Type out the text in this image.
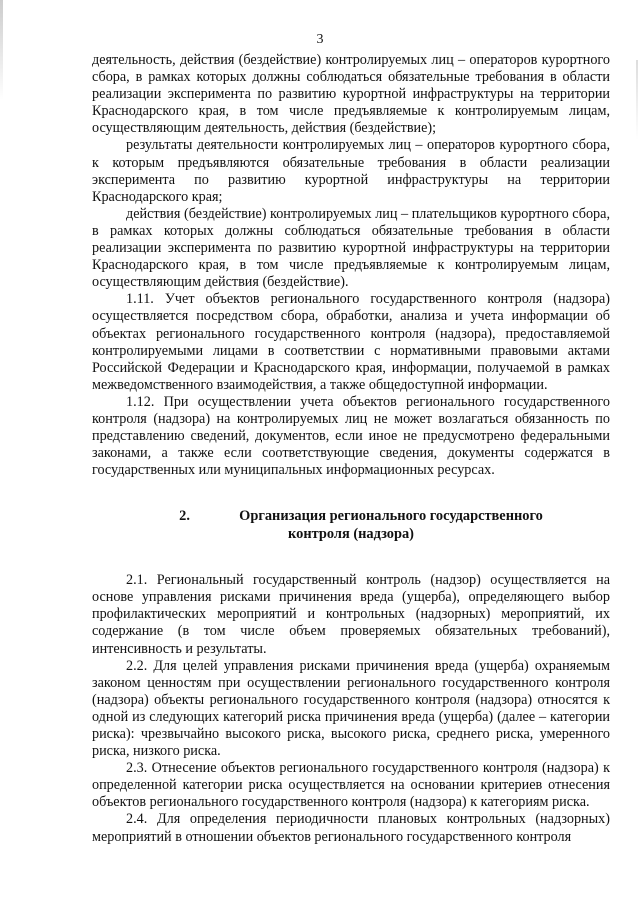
3

деятельность, действия (бездействие) контролируемых лиц – операторов курортного сбора, в рамках которых должны соблюдаться обязательные требования в области реализации эксперимента по развитию курортной инфраструктуры на территории Краснодарского края, в том числе предъявляемые к контролируемым лицам, осуществляющим деятельность, действия (бездействие);

результаты деятельности контролируемых лиц – операторов курортного сбора, к которым предъявляются обязательные требования в области реализации эксперимента по развитию курортной инфраструктуры на территории Краснодарского края;

действия (бездействие) контролируемых лиц – плательщиков курортного сбора, в рамках которых должны соблюдаться обязательные требования в области реализации эксперимента по развитию курортной инфраструктуры на территории Краснодарского края, в том числе предъявляемые к контролируемым лицам, осуществляющим действия (бездействие).

1.11. Учет объектов регионального государственного контроля (надзора) осуществляется посредством сбора, обработки, анализа и учета информации об объектах регионального государственного контроля (надзора), предоставляемой контролируемыми лицами в соответствии с нормативными правовыми актами Российской Федерации и Краснодарского края, информации, получаемой в рамках межведомственного взаимодействия, а также общедоступной информации.

1.12. При осуществлении учета объектов регионального государственного контроля (надзора) на контролируемых лиц не может возлагаться обязанность по представлению сведений, документов, если иное не предусмотрено федеральными законами, а также если соответствующие сведения, документы содержатся в государственных или муниципальных информационных ресурсах.

2.	Организация регионального государственного
контроля (надзора)

2.1. Региональный государственный контроль (надзор) осуществляется на основе управления рисками причинения вреда (ущерба), определяющего выбор профилактических мероприятий и контрольных (надзорных) мероприятий, их содержание (в том числе объем проверяемых обязательных требований), интенсивность и результаты.

2.2. Для целей управления рисками причинения вреда (ущерба) охраняемым законом ценностям при осуществлении регионального государственного контроля (надзора) объекты регионального государственного контроля (надзора) относятся к одной из следующих категорий риска причинения вреда (ущерба) (далее – категории риска): чрезвычайно высокого риска, высокого риска, среднего риска, умеренного риска, низкого риска.

2.3. Отнесение объектов регионального государственного контроля (надзора) к определенной категории риска осуществляется на основании критериев отнесения объектов регионального государственного контроля (надзора) к категориям риска.

2.4. Для определения периодичности плановых контрольных (надзорных) мероприятий в отношении объектов регионального государственного контроля
